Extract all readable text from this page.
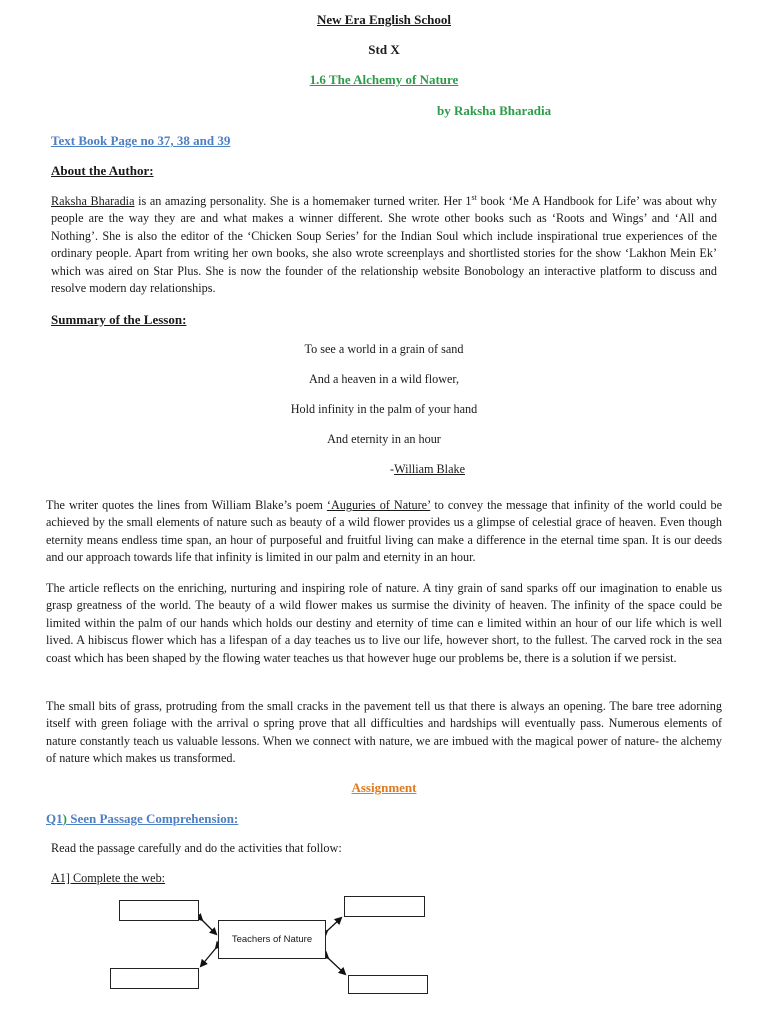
New Era English School
Std X
1.6 The Alchemy of Nature
by Raksha Bharadia
Text Book Page no 37, 38 and 39
About the Author:

Raksha Bharadia is an amazing personality. She is a homemaker turned writer. Her 1st book ‘Me A Handbook for Life’ was about why people are the way they are and what makes a winner different. She wrote other books such as ‘Roots and Wings’ and ‘All and Nothing’. She is also the editor of the ‘Chicken Soup Series’ for the Indian Soul which include inspirational true experiences of the ordinary people. Apart from writing her own books, she also wrote screenplays and shortlisted stories for the show ‘Lakhon Mein Ek’ which was aired on Star Plus. She is now the founder of the relationship website Bonobology an interactive platform to discuss and resolve modern day relationships.

Summary of the Lesson:
To see a world in a grain of sand
And a heaven in a wild flower,
Hold infinity in the palm of your hand
And eternity in an hour
-William Blake

The writer quotes the lines from William Blake’s poem ‘Auguries of Nature’ to convey the message that infinity of the world could be achieved by the small elements of nature such as beauty of a wild flower provides us a glimpse of celestial grace of heaven. Even though eternity means endless time span, an hour of purposeful and fruitful living can make a difference in the eternal time span. It is our deeds and our approach towards life that infinity is limited in our palm and eternity in an hour.

The article reflects on the enriching, nurturing and inspiring role of nature. A tiny grain of sand sparks off our imagination to enable us grasp greatness of the world. The beauty of a wild flower makes us surmise the divinity of heaven. The infinity of the space could be limited within the palm of our hands which holds our destiny and eternity of time can e limited within an hour of our life which is well lived. A hibiscus flower which has a lifespan of a day teaches us to live our life, however short, to the fullest. The carved rock in the sea coast which has been shaped by the flowing water teaches us that however huge our problems be, there is a solution if we persist.

The small bits of grass, protruding from the small cracks in the pavement tell us that there is always an opening. The bare tree adorning itself with green foliage with the arrival o spring prove that all difficulties and hardships will eventually pass. Numerous elements of nature constantly teach us valuable lessons. When we connect with nature, we are imbued with the magical power of nature- the alchemy of nature which makes us transformed.

Assignment
Q1) Seen Passage Comprehension:
Read the passage carefully and do the activities that follow:
A1] Complete the web:
Teachers of Nature
